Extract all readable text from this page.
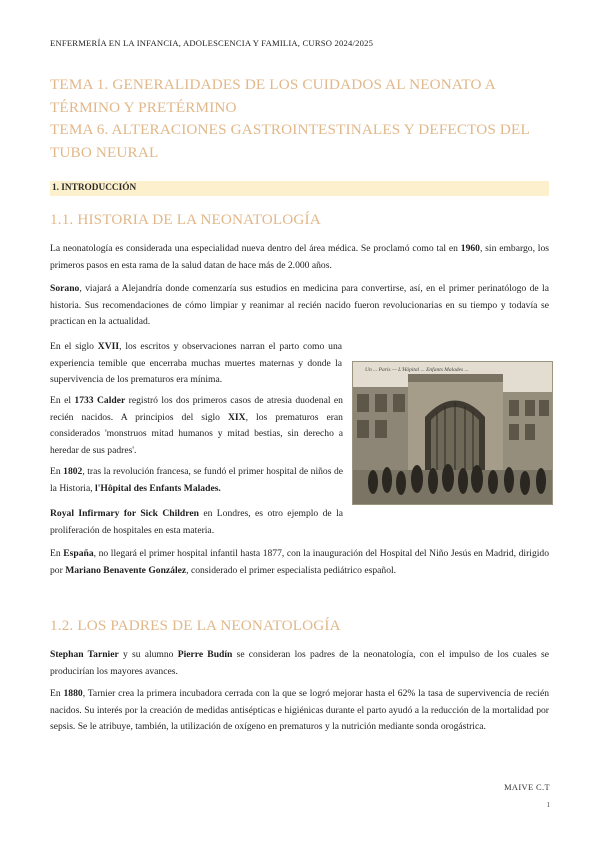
ENFERMERÍA EN LA INFANCIA, ADOLESCENCIA Y FAMILIA, CURSO 2024/2025
TEMA 1. GENERALIDADES DE LOS CUIDADOS AL NEONATO A
TÉRMINO Y PRETÉRMINO
TEMA 6. ALTERACIONES GASTROINTESTINALES Y DEFECTOS DEL
TUBO NEURAL
1. INTRODUCCIÓN
1.1. HISTORIA DE LA NEONATOLOGÍA
La neonatología es considerada una especialidad nueva dentro del área médica. Se proclamó como tal en 1960, sin embargo, los primeros pasos en esta rama de la salud datan de hace más de 2.000 años.
Sorano, viajará a Alejandría donde comenzaría sus estudios en medicina para convertirse, así, en el primer perinatólogo de la historia. Sus recomendaciones de cómo limpiar y reanimar al recién nacido fueron revolucionarias en su tiempo y todavía se practican en la actualidad.
En el siglo XVII, los escritos y observaciones narran el parto como una experiencia temible que encerraba muchas muertes maternas y donde la supervivencia de los prematuros era mínima.
En el 1733 Calder registró los dos primeros casos de atresia duodenal en recién nacidos. A principios del siglo XIX, los prematuros eran considerados 'monstruos mitad humanos y mitad bestias, sin derecho a heredar de sus padres'.
En 1802, tras la revolución francesa, se fundó el primer hospital de niños de la Historia, l'Hôpital des Enfants Malades.
Royal Infirmary for Sick Children en Londres, es otro ejemplo de la proliferación de hospitales en esta materia.
Un ... Paris — L'Hôpital ... Enfants Malades ...
En España, no llegará el primer hospital infantil hasta 1877, con la inauguración del Hospital del Niño Jesús en Madrid, dirigido por Mariano Benavente González, considerado el primer especialista pediátrico español.
1.2. LOS PADRES DE LA NEONATOLOGÍA
Stephan Tarnier y su alumno Pierre Budín se consideran los padres de la neonatología, con el impulso de los cuales se producirían los mayores avances.
En 1880, Tarnier crea la primera incubadora cerrada con la que se logró mejorar hasta el 62% la tasa de supervivencia de recién nacidos. Su interés por la creación de medidas antisépticas e higiénicas durante el parto ayudó a la reducción de la mortalidad por sepsis. Se le atribuye, también, la utilización de oxígeno en prematuros y la nutrición mediante sonda orogástrica.
MAIVE C.T
1
